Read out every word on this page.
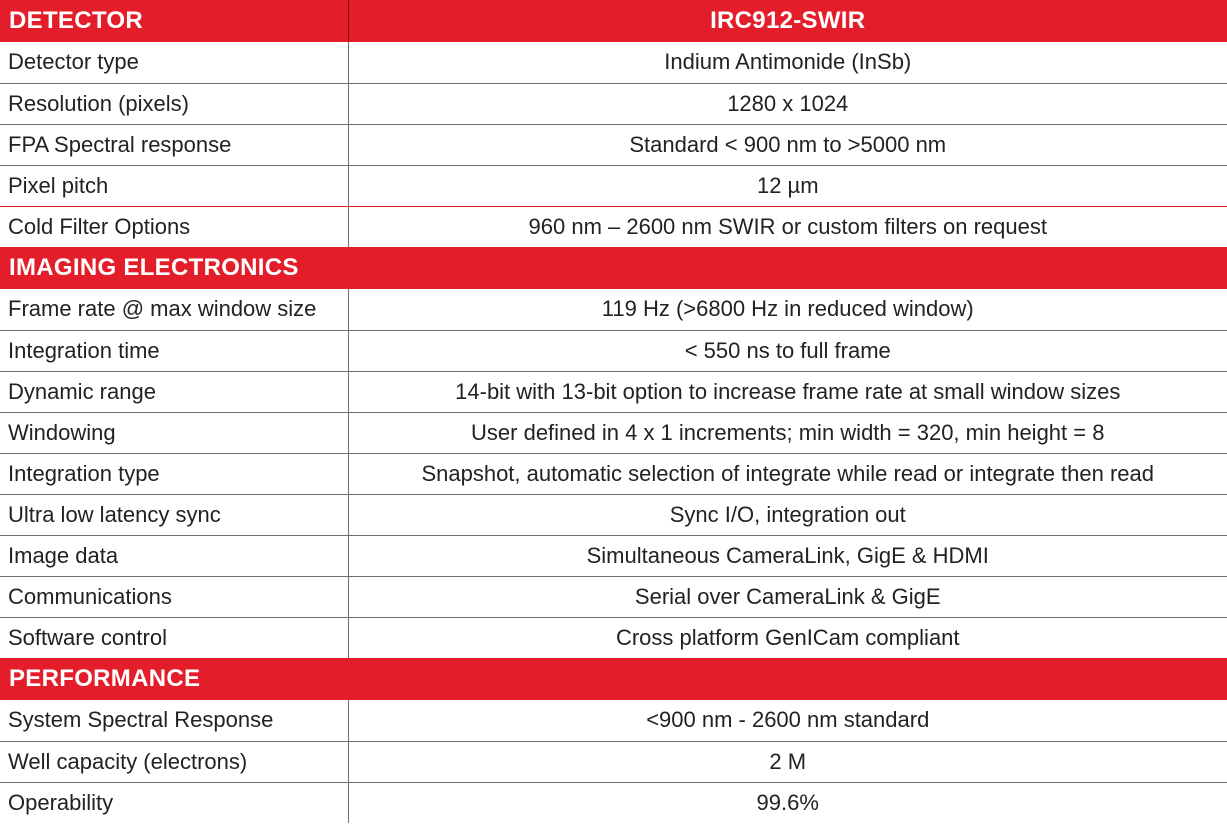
DETECTOR	IRC912-SWIR
Detector type	Indium Antimonide (InSb)
Resolution (pixels)	1280 x 1024
FPA Spectral response	Standard < 900 nm to >5000 nm
Pixel pitch	12 µm
Cold Filter Options	960 nm – 2600 nm SWIR or custom filters on request
IMAGING ELECTRONICS	
Frame rate @ max window size	119 Hz (>6800 Hz in reduced window)
Integration time	< 550 ns to full frame
Dynamic range	14-bit with 13-bit option to increase frame rate at small window sizes
Windowing	User defined in 4 x 1 increments; min width = 320, min height = 8
Integration type	Snapshot, automatic selection of integrate while read or integrate then read
Ultra low latency sync	Sync I/O, integration out
Image data	Simultaneous CameraLink, GigE & HDMI
Communications	Serial over CameraLink & GigE
Software control	Cross platform GenICam compliant
PERFORMANCE	
System Spectral Response	<900 nm - 2600 nm standard
Well capacity (electrons)	2 M
Operability	99.6%
